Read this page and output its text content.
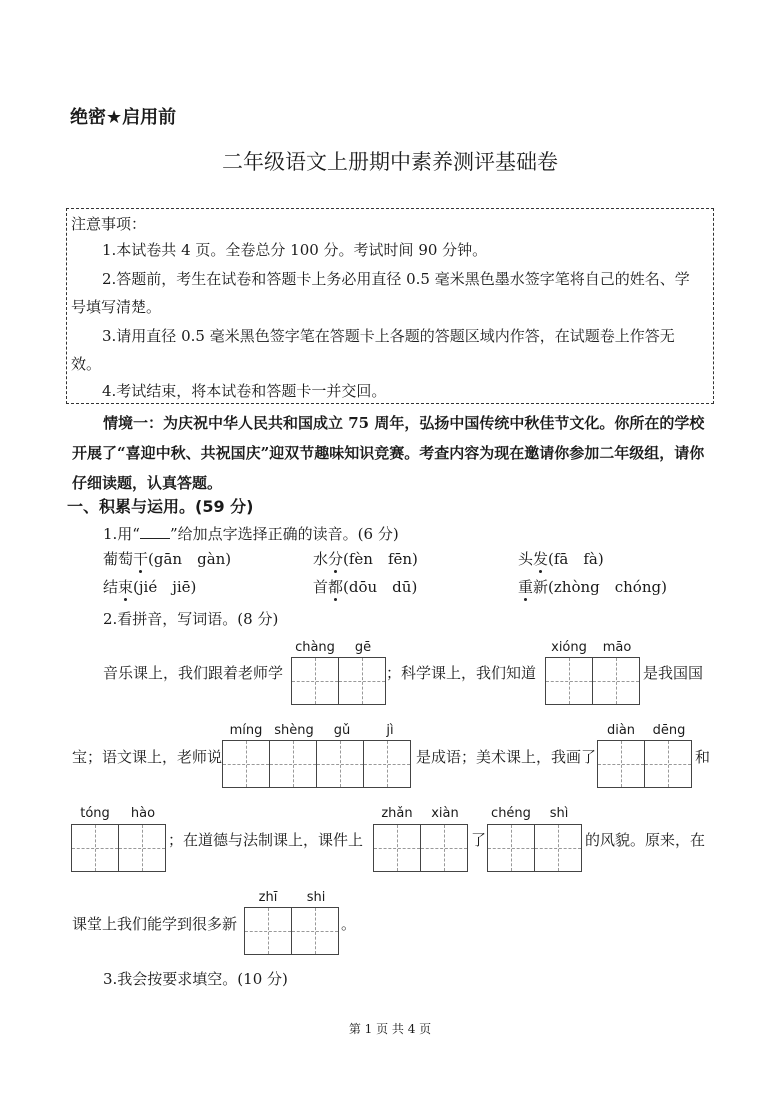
绝密★启用前
二年级语文上册期中素养测评基础卷
注意事项：
1.本试卷共 4 页。全卷总分 100 分。考试时间 90 分钟。
2.答题前，考生在试卷和答题卡上务必用直径 0.5 毫米黑色墨水签字笔将自己的姓名、学
号填写清楚。
3.请用直径 0.5 毫米黑色签字笔在答题卡上各题的答题区域内作答，在试题卷上作答无
效。
4.考试结束，将本试卷和答题卡一并交回。

情境一：为庆祝中华人民共和国成立 75 周年，弘扬中国传统中秋佳节文化。你所在的学校开展了“喜迎中秋、共祝国庆”迎双节趣味知识竞赛。考查内容为现在邀请你参加二年级组，请你仔细读题，认真答题。

一、积累与运用。(59 分)
1.用“ ”给加点字选择正确的读音。(6 分)
葡萄干(gān　gàn)	水分(fèn　fēn)	头发(fā　fà)
结束(jié　jiē)	首都(dōu　dū)	重新(zhòng　chóng)
2.看拼音，写词语。(8 分)
chàng	gē
音乐课上，我们跟着老师学	；科学课上，我们知道
xióng	māo
是我国国
宝；语文课上，老师说
míng shèng	gǔ	jì
是成语；美术课上，我画了
diàn	dēng
和
tóng	hào
；在道德与法制课上，课件上
zhǎn	xiàn
了
chéng	shì
的风貌。原来，在
课堂上我们能学到很多新
zhī	shi
。
3.我会按要求填空。(10 分)
第 1 页 共 4 页
